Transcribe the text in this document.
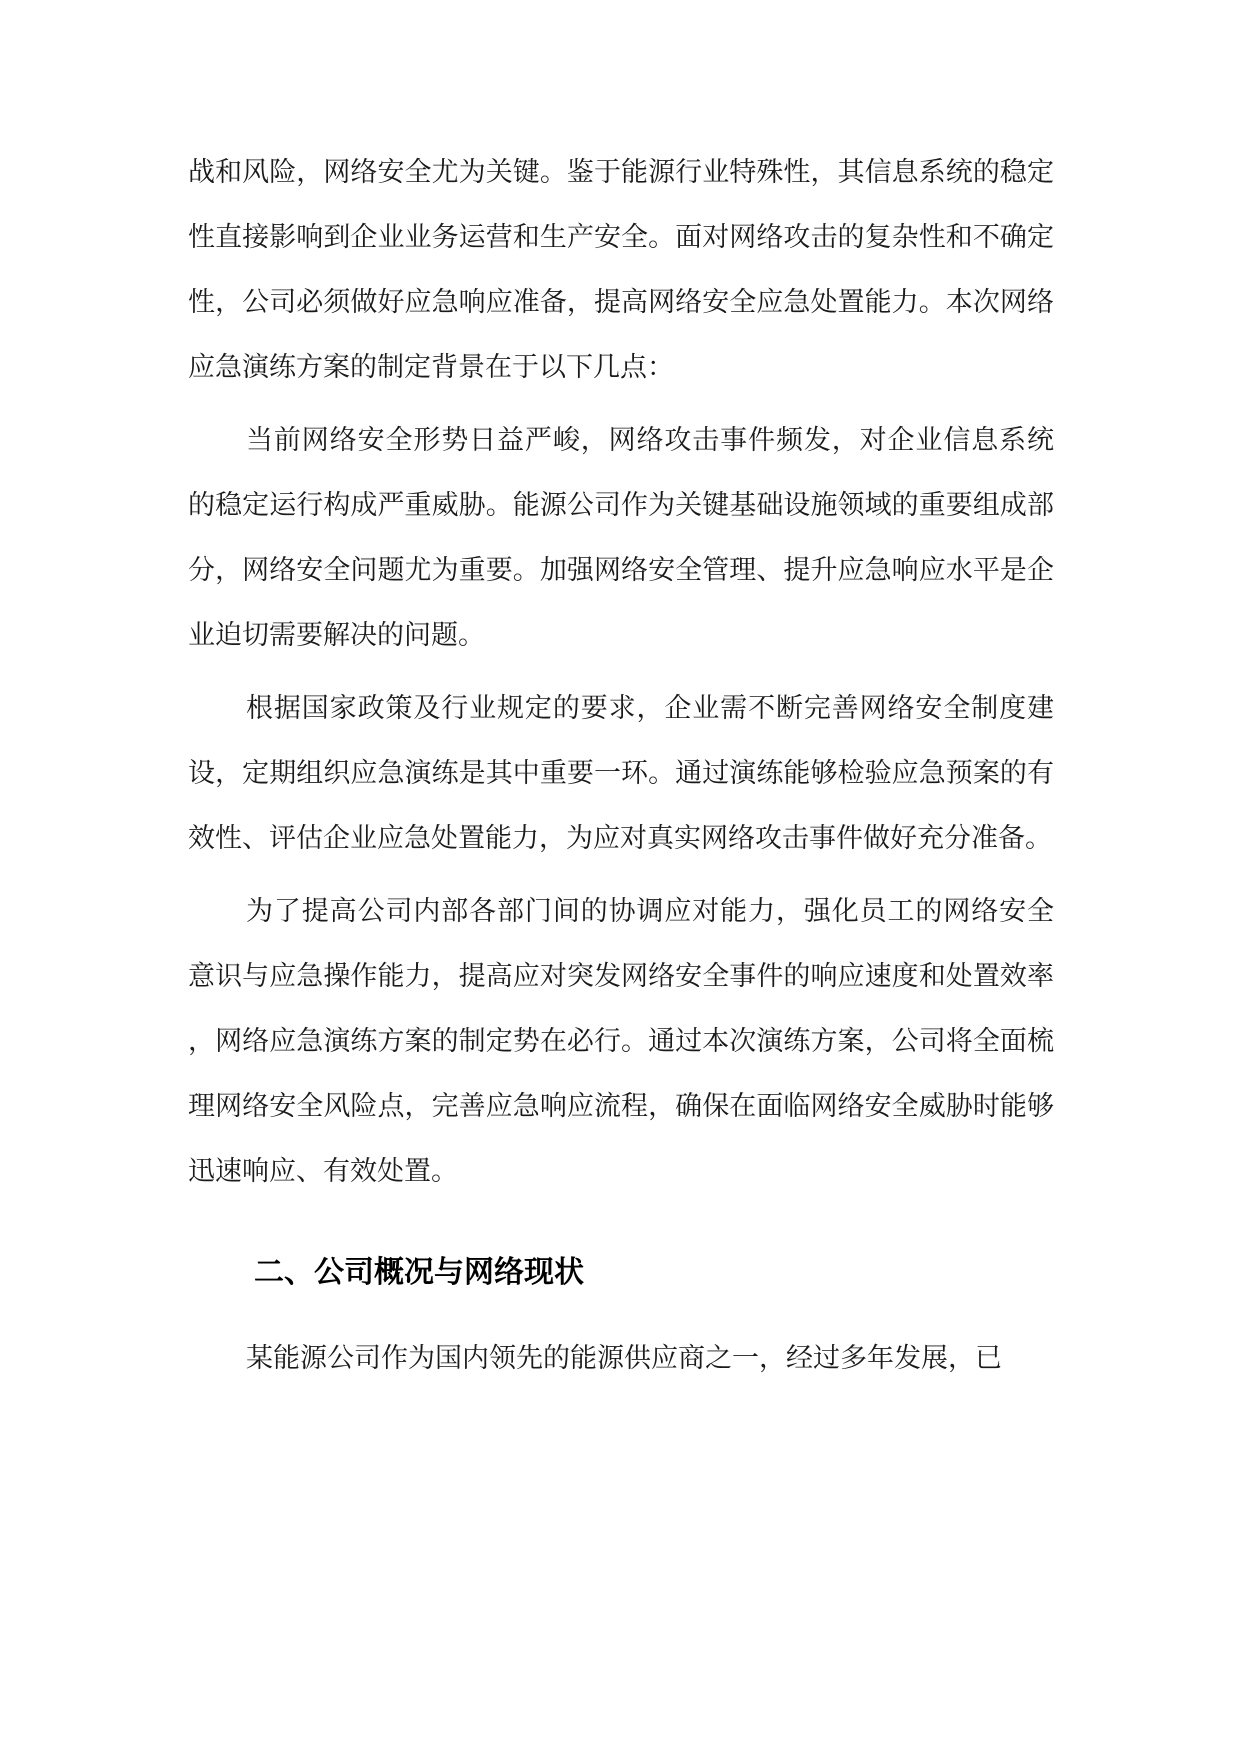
战和风险，网络安全尤为关键。鉴于能源行业特殊性，其信息系统的稳定性直接影响到企业业务运营和生产安全。面对网络攻击的复杂性和不确定性，公司必须做好应急响应准备，提高网络安全应急处置能力。本次网络应急演练方案的制定背景在于以下几点：

当前网络安全形势日益严峻，网络攻击事件频发，对企业信息系统的稳定运行构成严重威胁。能源公司作为关键基础设施领域的重要组成部分，网络安全问题尤为重要。加强网络安全管理、提升应急响应水平是企业迫切需要解决的问题。

根据国家政策及行业规定的要求，企业需不断完善网络安全制度建设，定期组织应急演练是其中重要一环。通过演练能够检验应急预案的有效性、评估企业应急处置能力，为应对真实网络攻击事件做好充分准备。

为了提高公司内部各部门间的协调应对能力，强化员工的网络安全意识与应急操作能力，提高应对突发网络安全事件的响应速度和处置效率，网络应急演练方案的制定势在必行。通过本次演练方案，公司将全面梳理网络安全风险点，完善应急响应流程，确保在面临网络安全威胁时能够迅速响应、有效处置。

二、公司概况与网络现状

某能源公司作为国内领先的能源供应商之一，经过多年发展，已
